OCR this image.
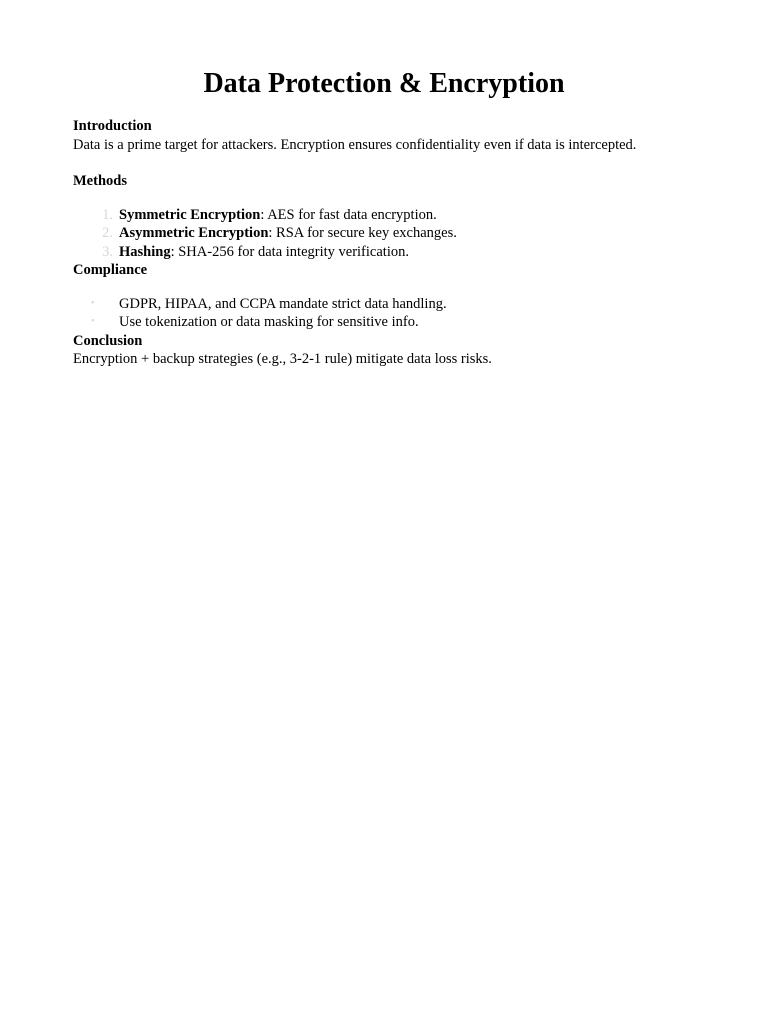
Data Protection & Encryption

Introduction

Data is a prime target for attackers. Encryption ensures confidentiality even if data is intercepted.

Methods

1. Symmetric Encryption: AES for fast data encryption.
2. Asymmetric Encryption: RSA for secure key exchanges.
3. Hashing: SHA-256 for data integrity verification.

Compliance

• GDPR, HIPAA, and CCPA mandate strict data handling.
• Use tokenization or data masking for sensitive info.

Conclusion

Encryption + backup strategies (e.g., 3-2-1 rule) mitigate data loss risks.
